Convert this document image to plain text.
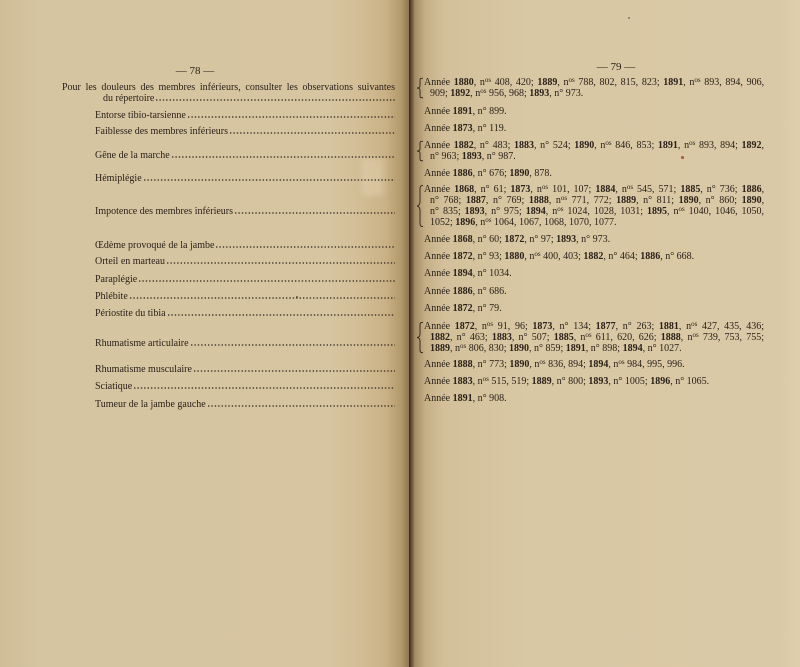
— 78 —
Pour les douleurs des membres inférieurs, consulter les observations suivantes
du répertoire
Entorse tibio-tarsienne
Faiblesse des membres inférieurs
Gêne de la marche
Hémiplégie
Impotence des membres inférieurs
Œdème provoqué de la jambe
Orteil en marteau
Paraplégie
Phlébite
Périostite du tibia
Rhumatisme articulaire
Rhumatisme musculaire
Sciatique
Tumeur de la jambe gauche
— 79 —
Année 1880, $n^{os}$ 408, 420; 1889, $n^{os}$ 788, 802, 815, 823; 1891, $n^{os}$ 893, 894, 906,
909; 1892, $n^{os}$ 956, 968; 1893, n° 973.
Année 1891, n° 899.
Année 1873, n° 119.
Année 1882, n° 483; 1883, n° 524; 1890, $n^{os}$ 846, 853; 1891, $n^{os}$ 893, 894; 1892,
n° 963; 1893, n° 987.
Année 1886, n° 676; 1890, 878.
Année 1868, n° 61; 1873, $n^{os}$ 101, 107; 1884, $n^{os}$ 545, 571; 1885, n° 736; 1886,
n° 768; 1887, n° 769; 1888, $n^{os}$ 771, 772; 1889, n° 811; 1890, n° 860; 1890,
n° 835; 1893, n° 975; 1894, $n^{os}$ 1024, 1028, 1031; 1895, $n^{os}$ 1040, 1046, 1050,
1052; 1896, $n^{os}$ 1064, 1067, 1068, 1070, 1077.
Année 1868, n° 60; 1872, n° 97; 1893, n° 973.
Année 1872, n° 93; 1880, $n^{os}$ 400, 403; 1882, n° 464; 1886, n° 668.
Année 1894, n° 1034.
Année 1886, n° 686.
Année 1872, n° 79.
Année 1872, $n^{os}$ 91, 96; 1873, n° 134; 1877, n° 263; 1881, $n^{os}$ 427, 435, 436;
1882, n° 463; 1883, n° 507; 1885, $n^{os}$ 611, 620, 626; 1888, $n^{os}$ 739, 753, 755;
1889, $n^{os}$ 806, 830; 1890, n° 859; 1891, n° 898; 1894, n° 1027.
Année 1888, n° 773; 1890, $n^{os}$ 836, 894; 1894, $n^{os}$ 984, 995, 996.
Année 1883, $n^{os}$ 515, 519; 1889, n° 800; 1893, n° 1005; 1896, n° 1065.
Année 1891, n° 908.
